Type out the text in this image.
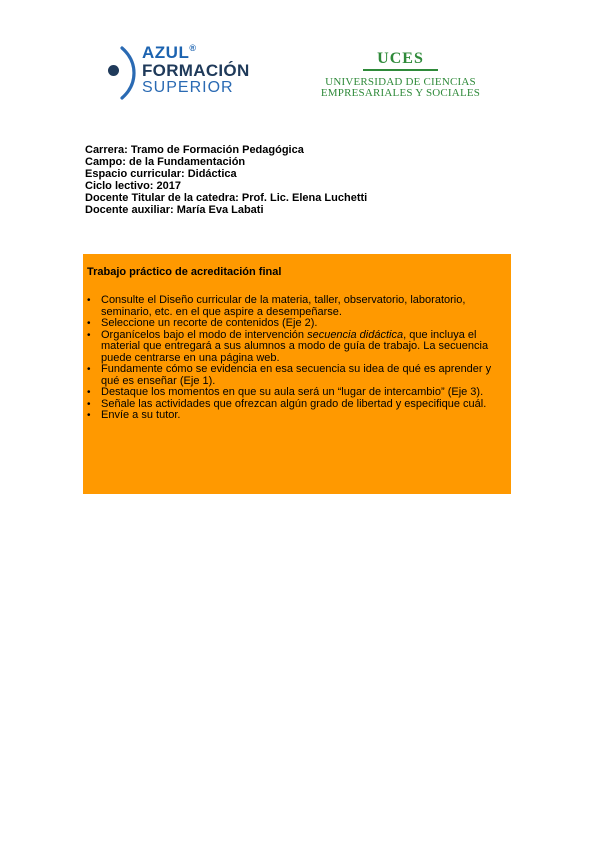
AZUL®
FORMACIÓN
SUPERIOR
UCES
UNIVERSIDAD DE CIENCIAS
EMPRESARIALES Y SOCIALES
Carrera: Tramo de Formación Pedagógica
Campo: de la Fundamentación
Espacio curricular: Didáctica
Ciclo lectivo: 2017
Docente Titular de la catedra: Prof. Lic. Elena Luchetti
Docente auxiliar: María Eva Labati
Trabajo práctico de acreditación final
• Consulte el Diseño curricular de la materia, taller, observatorio, laboratorio, seminario, etc. en el que aspire a desempeñarse.
• Seleccione un recorte de contenidos (Eje 2).
• Organícelos bajo el modo de intervención secuencia didáctica, que incluya el material que entregará a sus alumnos a modo de guía de trabajo. La secuencia puede centrarse en una página web.
• Fundamente cómo se evidencia en esa secuencia su idea de qué es aprender y qué es enseñar (Eje 1).
• Destaque los momentos en que su aula será un “lugar de intercambio” (Eje 3).
• Señale las actividades que ofrezcan algún grado de libertad y especifique cuál.
• Envíe a su tutor.
